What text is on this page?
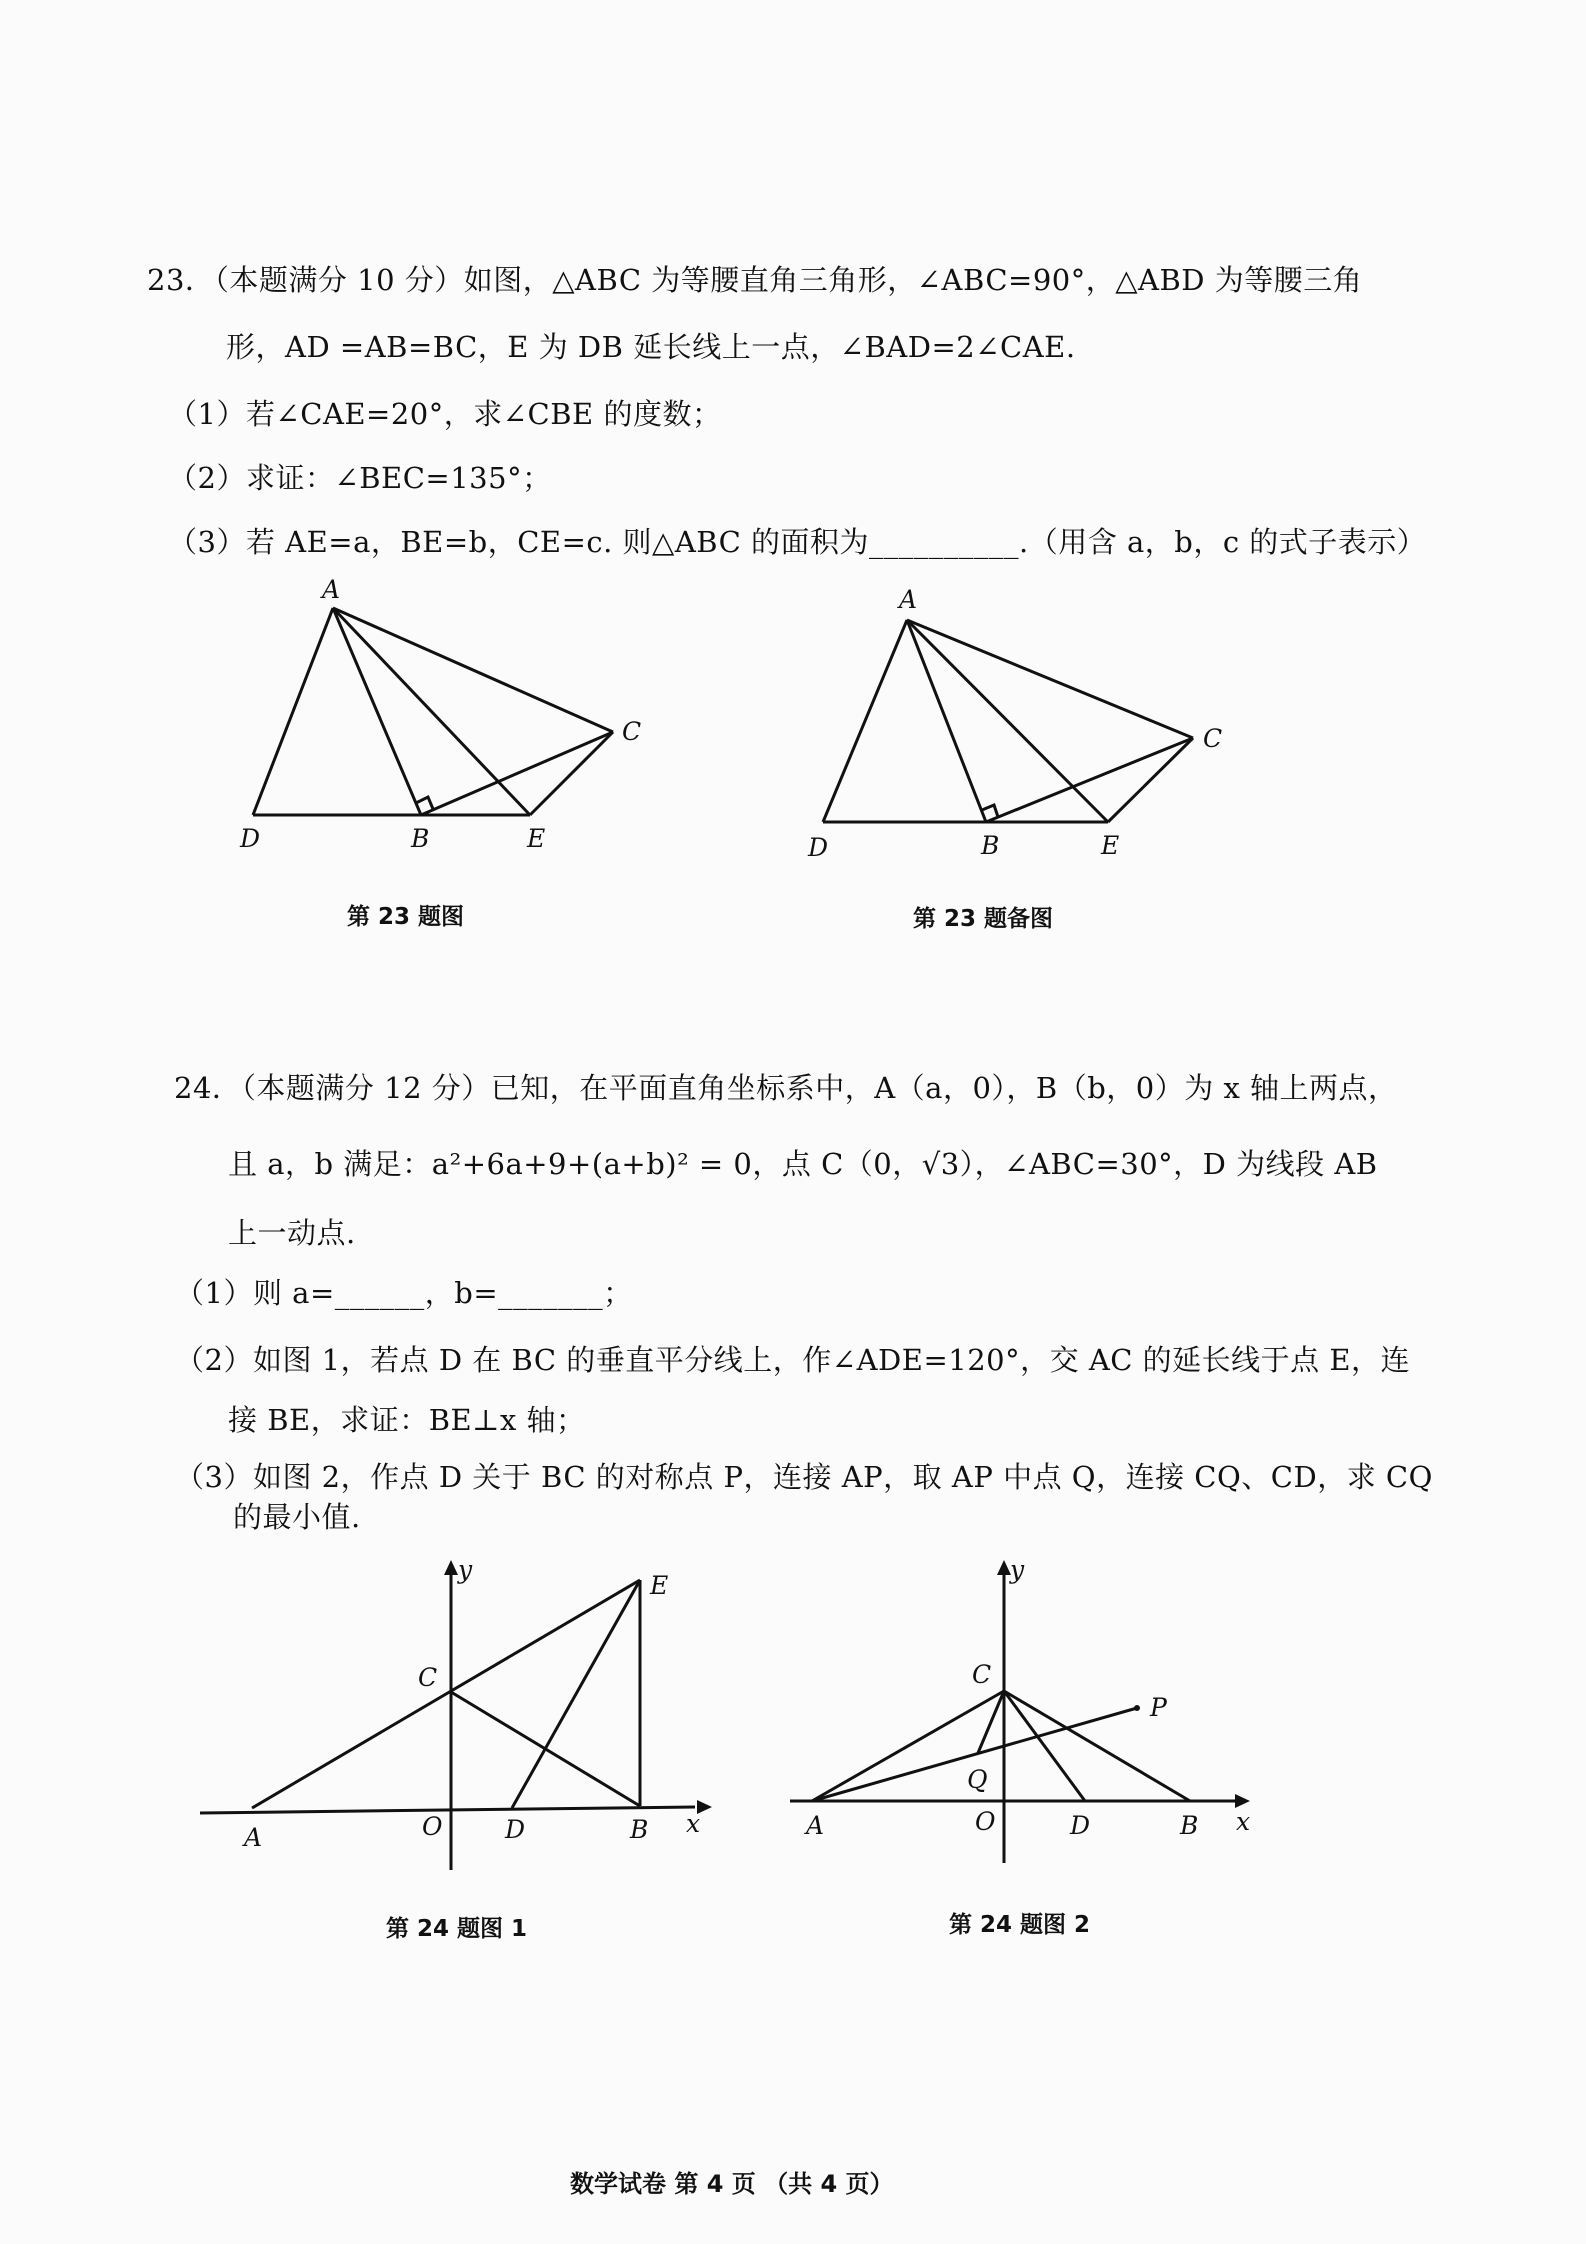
23．（本题满分 10 分）如图，△ABC 为等腰直角三角形，∠ABC=90°，△ABD 为等腰三角
形，AD =AB=BC，E 为 DB 延长线上一点，∠BAD=2∠CAE.
（1）若∠CAE=20°，求∠CBE 的度数；
（2）求证：∠BEC=135°；
（3）若 AE=a，BE=b，CE=c. 则△ABC 的面积为__________.（用含 a，b，c 的式子表示）
A
C
D	B	E
A
C
D	B	E
y
E
C
A	O	D	B x
y
C
P
Q
A	O	D	B x
第 23 题图	第 23 题备图
24．（本题满分 12 分）已知，在平面直角坐标系中，A（a，0），B（b，0）为 x 轴上两点，
且 a，b 满足：a²+6a+9+(a+b)² = 0，点 C（0，√3），∠ABC=30°，D 为线段 AB
上一动点.
（1）则 a=______，b=_______；
（2）如图 1，若点 D 在 BC 的垂直平分线上，作∠ADE=120°，交 AC 的延长线于点 E，连
接 BE，求证：BE⊥x 轴；
（3）如图 2，作点 D 关于 BC 的对称点 P，连接 AP，取 AP 中点 Q，连接 CQ、CD，求 CQ
的最小值.
第 24 题图 1	第 24 题图 2
数学试卷 第 4 页 （共 4 页）
